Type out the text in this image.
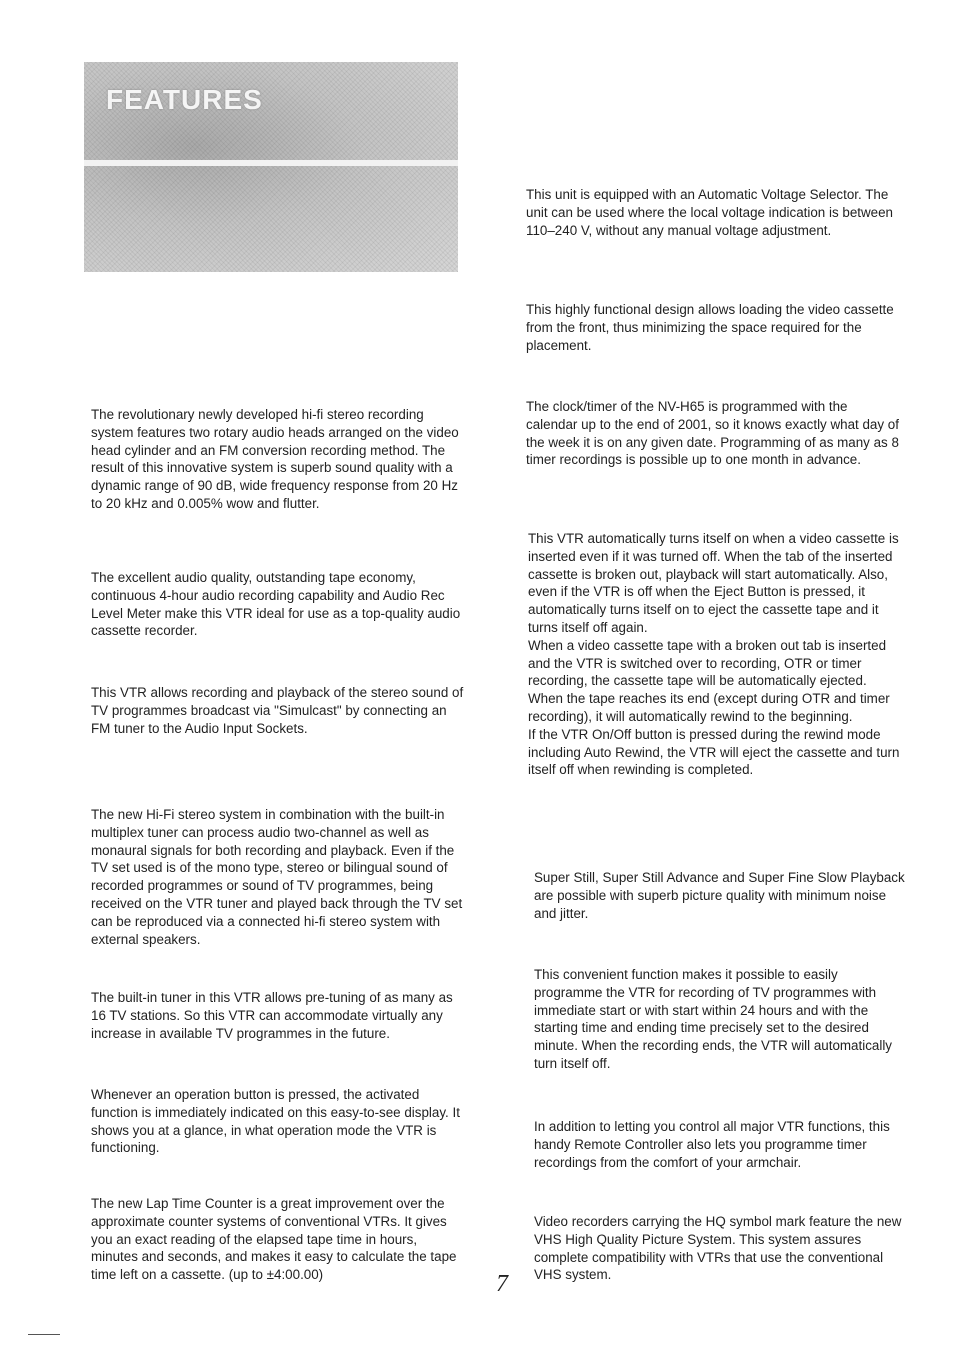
FEATURES

The revolutionary newly developed hi-fi stereo recording system features two rotary audio heads arranged on the video head cylinder and an FM conversion recording method. The result of this innovative system is superb sound quality with a dynamic range of 90 dB, wide frequency response from 20 Hz to 20 kHz and 0.005% wow and flutter.

The excellent audio quality, outstanding tape economy, continuous 4-hour audio recording capability and Audio Rec Level Meter make this VTR ideal for use as a top-quality audio cassette recorder.

This VTR allows recording and playback of the stereo sound of TV programmes broadcast via "Simulcast" by connecting an FM tuner to the Audio Input Sockets.

The new Hi-Fi stereo system in combination with the built-in multiplex tuner can process audio two-channel as well as monaural signals for both recording and playback. Even if the TV set used is of the mono type, stereo or bilingual sound of recorded programmes or sound of TV programmes, being received on the VTR tuner and played back through the TV set can be reproduced via a connected hi-fi stereo system with external speakers.

The built-in tuner in this VTR allows pre-tuning of as many as 16 TV stations. So this VTR can accommodate virtually any increase in available TV programmes in the future.

Whenever an operation button is pressed, the activated function is immediately indicated on this easy-to-see display. It shows you at a glance, in what operation mode the VTR is functioning.

The new Lap Time Counter is a great improvement over the approximate counter systems of conventional VTRs. It gives you an exact reading of the elapsed tape time in hours, minutes and seconds, and makes it easy to calculate the tape time left on a cassette. (up to ±4:00.00)

This unit is equipped with an Automatic Voltage Selector. The unit can be used where the local voltage indication is between 110–240 V, without any manual voltage adjustment.

This highly functional design allows loading the video cassette from the front, thus minimizing the space required for the placement.

The clock/timer of the NV-H65 is programmed with the calendar up to the end of 2001, so it knows exactly what day of the week it is on any given date. Programming of as many as 8 timer recordings is possible up to one month in advance.

This VTR automatically turns itself on when a video cassette is inserted even if it was turned off. When the tab of the inserted cassette is broken out, playback will start automatically. Also, even if the VTR is off when the Eject Button is pressed, it automatically turns itself on to eject the cassette tape and it turns itself off again.
When a video cassette tape with a broken out tab is inserted and the VTR is switched over to recording, OTR or timer recording, the cassette tape will be automatically ejected.
When the tape reaches its end (except during OTR and timer recording), it will automatically rewind to the beginning.
If the VTR On/Off button is pressed during the rewind mode including Auto Rewind, the VTR will eject the cassette and turn itself off when rewinding is completed.

Super Still, Super Still Advance and Super Fine Slow Playback are possible with superb picture quality with minimum noise and jitter.

This convenient function makes it possible to easily programme the VTR for recording of TV programmes with immediate start or with start within 24 hours and with the starting time and ending time precisely set to the desired minute. When the recording ends, the VTR will automatically turn itself off.

In addition to letting you control all major VTR functions, this handy Remote Controller also lets you programme timer recordings from the comfort of your armchair.

Video recorders carrying the HQ symbol mark feature the new VHS High Quality Picture System. This system assures complete compatibility with VTRs that use the conventional VHS system.

7
